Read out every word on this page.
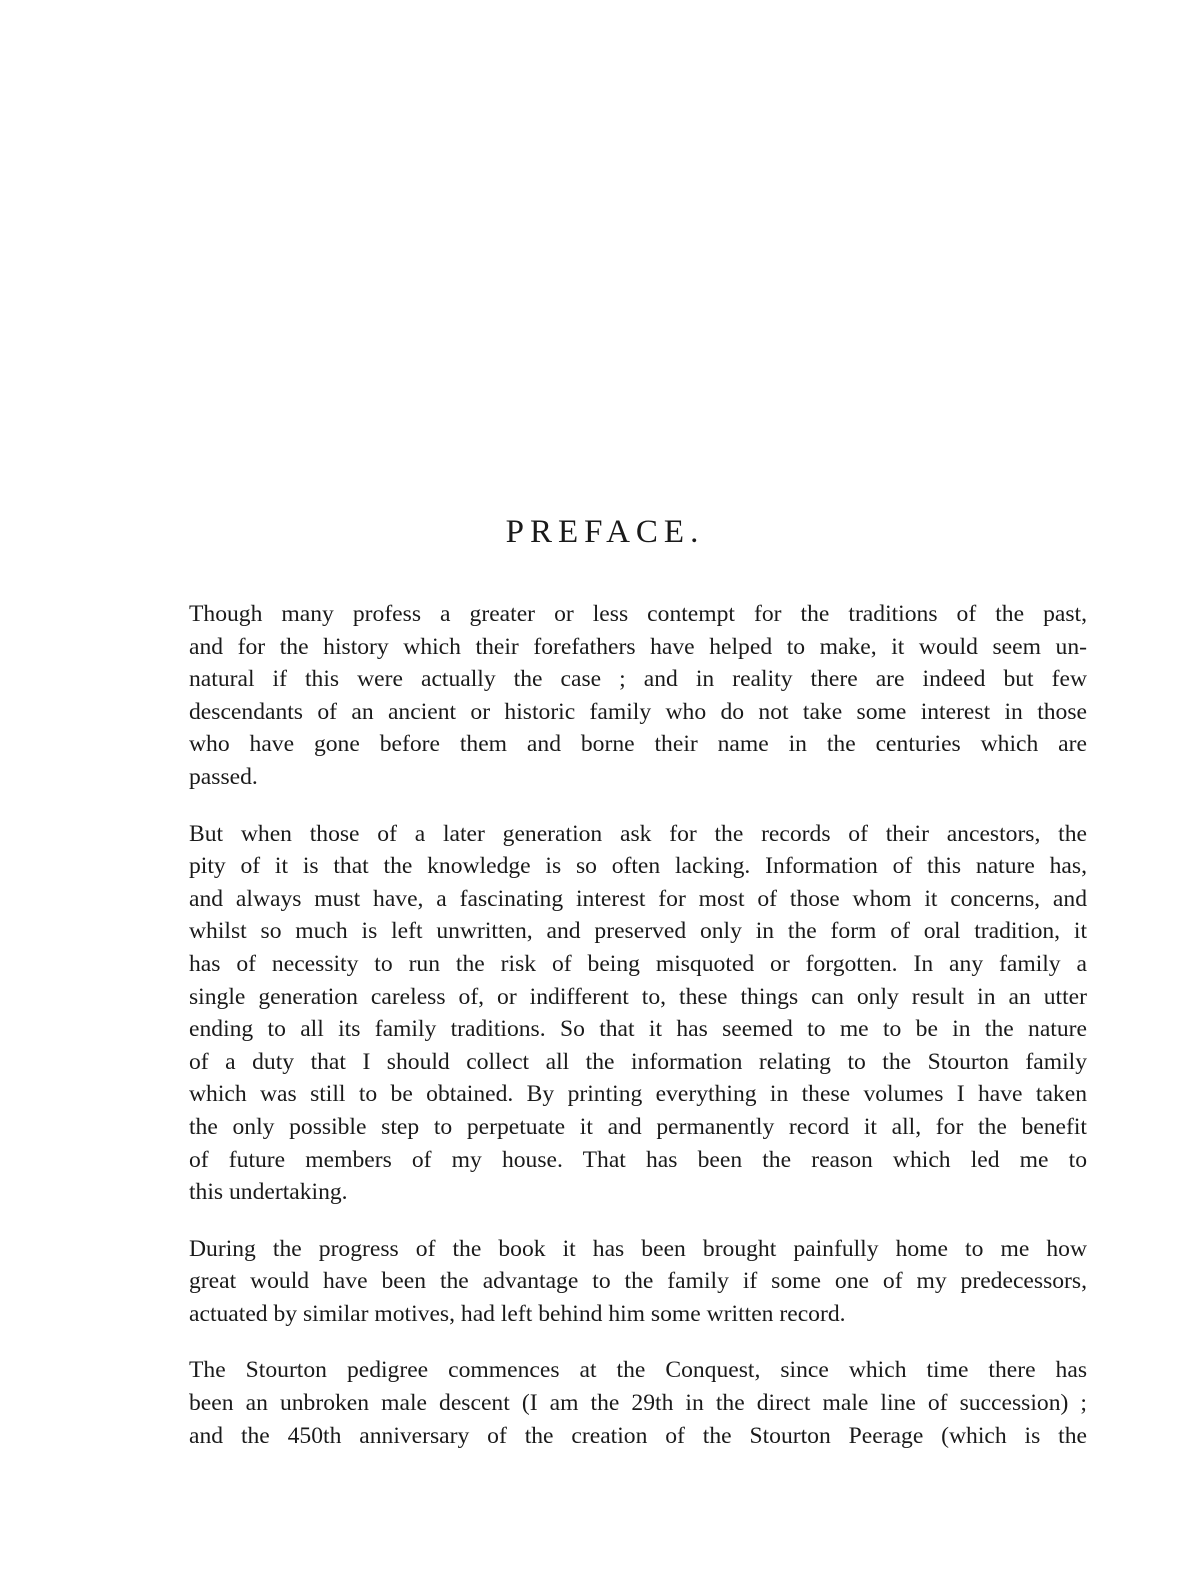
PREFACE.

Though many profess a greater or less contempt for the traditions of the past,
and for the history which their forefathers have helped to make, it would seem un-
natural if this were actually the case ; and in reality there are indeed but few
descendants of an ancient or historic family who do not take some interest in those
who have gone before them and borne their name in the centuries which are
passed.

But when those of a later generation ask for the records of their ancestors, the
pity of it is that the knowledge is so often lacking. Information of this nature has,
and always must have, a fascinating interest for most of those whom it concerns, and
whilst so much is left unwritten, and preserved only in the form of oral tradition, it
has of necessity to run the risk of being misquoted or forgotten. In any family a
single generation careless of, or indifferent to, these things can only result in an utter
ending to all its family traditions. So that it has seemed to me to be in the nature
of a duty that I should collect all the information relating to the Stourton family
which was still to be obtained. By printing everything in these volumes I have taken
the only possible step to perpetuate it and permanently record it all, for the benefit
of future members of my house. That has been the reason which led me to
this undertaking.

During the progress of the book it has been brought painfully home to me how
great would have been the advantage to the family if some one of my predecessors,
actuated by similar motives, had left behind him some written record.

The Stourton pedigree commences at the Conquest, since which time there has
been an unbroken male descent (I am the 29th in the direct male line of succession) ;
and the 450th anniversary of the creation of the Stourton Peerage (which is the
